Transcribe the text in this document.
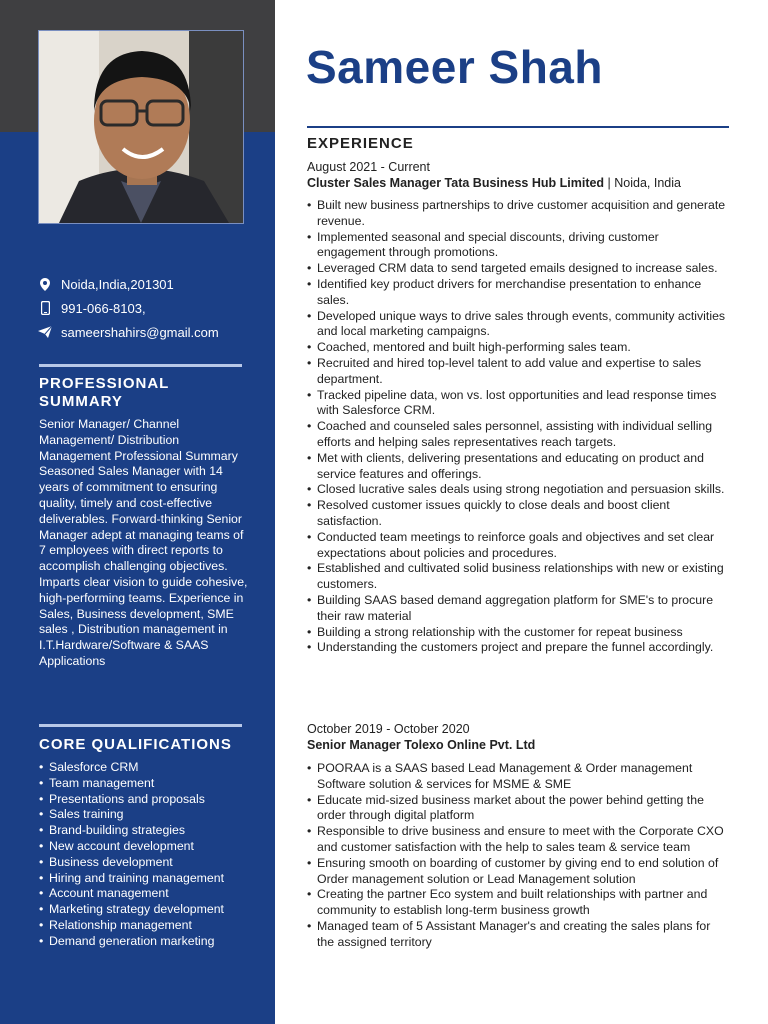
Noida,India,201301
991-066-8103,
sameershahirs@gmail.com
PROFESSIONAL SUMMARY
Senior Manager/ Channel Management/ Distribution Management Professional Summary Seasoned Sales Manager with 14 years of commitment to ensuring quality, timely and cost-effective deliverables. Forward-thinking Senior Manager adept at managing teams of 7 employees with direct reports to accomplish challenging objectives. Imparts clear vision to guide cohesive, high-performing teams. Experience in Sales, Business development, SME sales , Distribution management in I.T.Hardware/Software & SAAS Applications
CORE QUALIFICATIONS
• Salesforce CRM
• Team management
• Presentations and proposals
• Sales training
• Brand-building strategies
• New account development
• Business development
• Hiring and training management
• Account management
• Marketing strategy development
• Relationship management
• Demand generation marketing
Sameer Shah
EXPERIENCE
August 2021 - Current
Cluster Sales Manager Tata Business Hub Limited | Noida, India
• Built new business partnerships to drive customer acquisition and generate revenue.
• Implemented seasonal and special discounts, driving customer engagement through promotions.
• Leveraged CRM data to send targeted emails designed to increase sales.
• Identified key product drivers for merchandise presentation to enhance sales.
• Developed unique ways to drive sales through events, community activities and local marketing campaigns.
• Coached, mentored and built high-performing sales team.
• Recruited and hired top-level talent to add value and expertise to sales department.
• Tracked pipeline data, won vs. lost opportunities and lead response times with Salesforce CRM.
• Coached and counseled sales personnel, assisting with individual selling efforts and helping sales representatives reach targets.
• Met with clients, delivering presentations and educating on product and service features and offerings.
• Closed lucrative sales deals using strong negotiation and persuasion skills.
• Resolved customer issues quickly to close deals and boost client satisfaction.
• Conducted team meetings to reinforce goals and objectives and set clear expectations about policies and procedures.
• Established and cultivated solid business relationships with new or existing customers.
• Building SAAS based demand aggregation platform for SME's to procure their raw material
• Building a strong relationship with the customer for repeat business
• Understanding the customers project and prepare the funnel accordingly.
October 2019 - October 2020
Senior Manager Tolexo Online Pvt. Ltd
• POORAA is a SAAS based Lead Management & Order management Software solution & services for MSME & SME
• Educate mid-sized business market about the power behind getting the order through digital platform
• Responsible to drive business and ensure to meet with the Corporate CXO and customer satisfaction with the help to sales team & service team
• Ensuring smooth on boarding of customer by giving end to end solution of Order management solution or Lead Management solution
• Creating the partner Eco system and built relationships with partner and community to establish long-term business growth
• Managed team of 5 Assistant Manager's and creating the sales plans for the assigned territory
